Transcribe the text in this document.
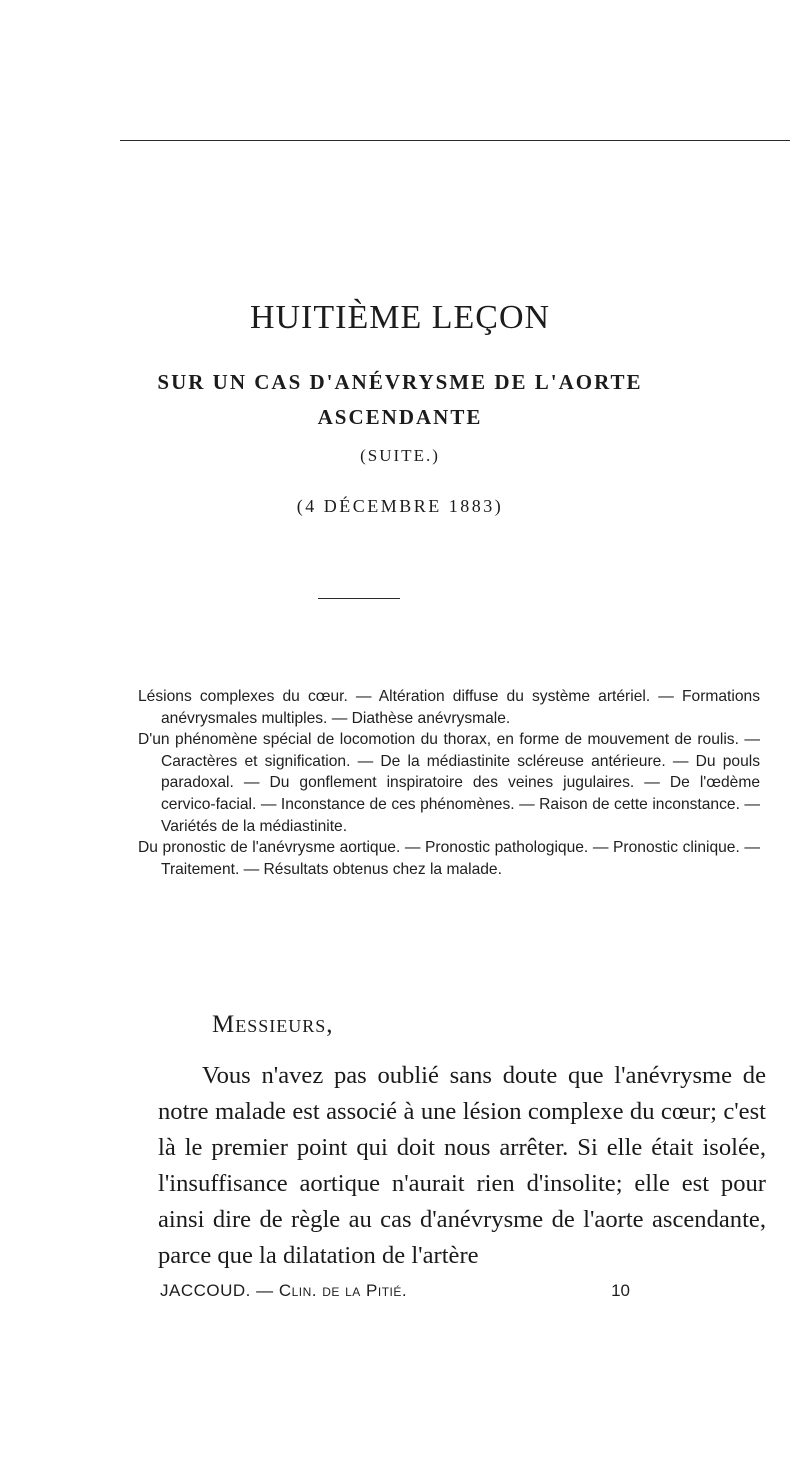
HUITIÈME LEÇON
SUR UN CAS D'ANÉVRYSME DE L'AORTE
ASCENDANTE
(SUITE.)
(4 DÉCEMBRE 1883)

Lésions complexes du cœur. — Altération diffuse du système artériel. — Formations anévrysmales multiples. — Diathèse anévrysmale.

D'un phénomène spécial de locomotion du thorax, en forme de mouvement de roulis. — Caractères et signification. — De la médiastinite scléreuse antérieure. — Du pouls paradoxal. — Du gonflement inspiratoire des veines jugulaires. — De l'œdème cervico-facial. — Inconstance de ces phénomènes. — Raison de cette inconstance. — Variétés de la médiastinite.

Du pronostic de l'anévrysme aortique. — Pronostic pathologique. — Pronostic clinique. — Traitement. — Résultats obtenus chez la malade.

Messieurs,

Vous n'avez pas oublié sans doute que l'anévrysme de notre malade est associé à une lésion complexe du cœur; c'est là le premier point qui doit nous arrêter. Si elle était isolée, l'insuffisance aortique n'aurait rien d'insolite; elle est pour ainsi dire de règle au cas d'anévrysme de l'aorte ascendante, parce que la dilatation de l'artère

JACCOUD. — Clin. de la Pitié.	10
